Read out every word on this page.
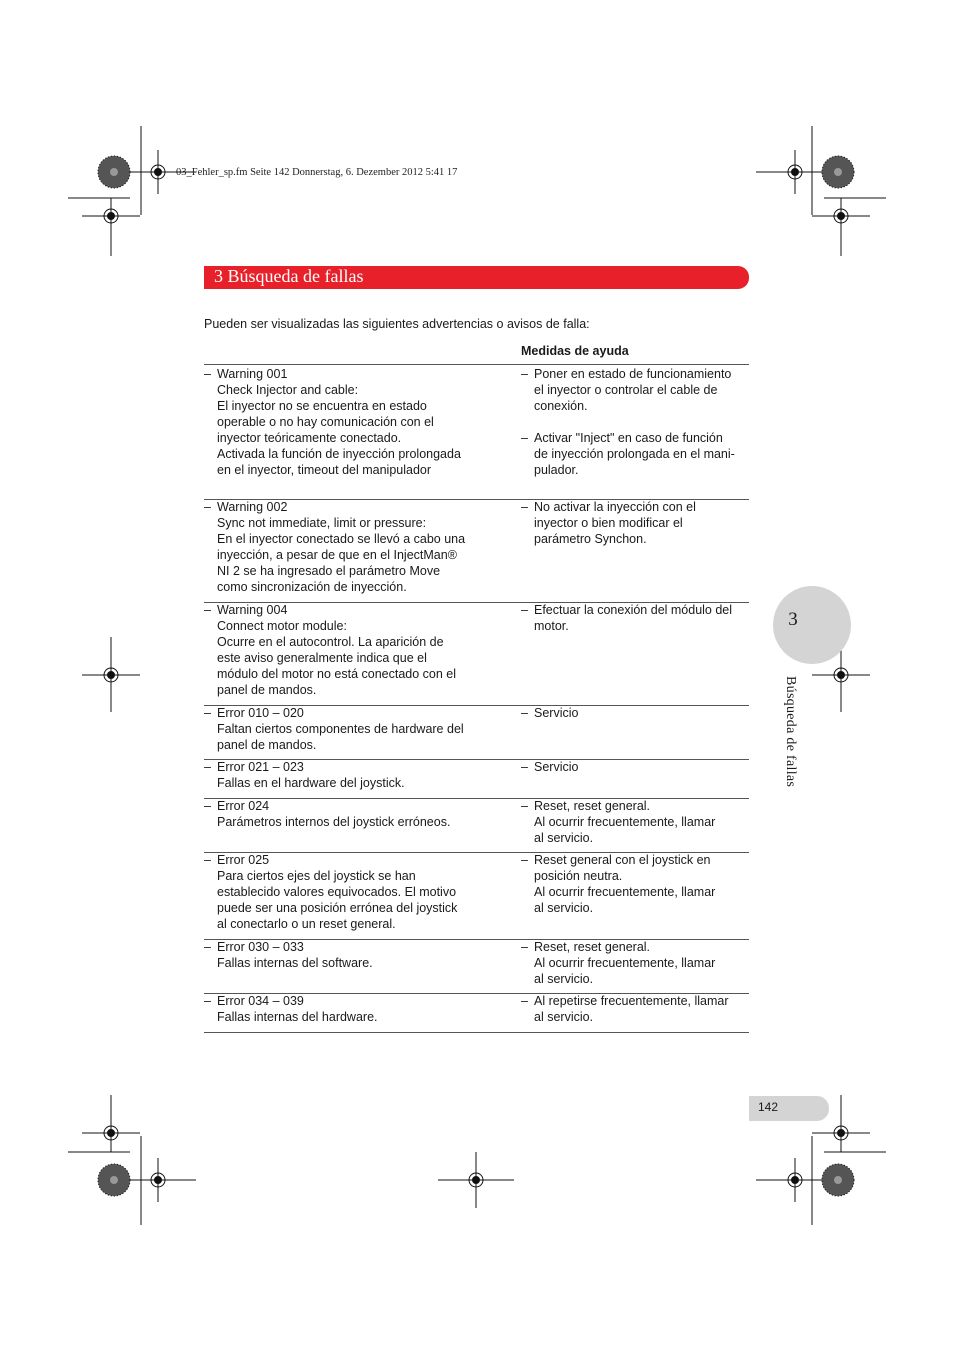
03_Fehler_sp.fm Seite 142 Donnerstag, 6. Dezember 2012 5:41 17
3 Búsqueda de fallas
Pueden ser visualizadas las siguientes advertencias o avisos de falla:
Medidas de ayuda
– Warning 001
Check Injector and cable:
El inyector no se encuentra en estado
operable o no hay comunicación con el
inyector teóricamente conectado.
Activada la función de inyección prolongada
en el inyector, timeout del manipulador
– Poner en estado de funcionamiento
el inyector o controlar el cable de
conexión.
– Activar "Inject" en caso de función
de inyección prolongada en el mani-
pulador.
– Warning 002
Sync not immediate, limit or pressure:
En el inyector conectado se llevó a cabo una
inyección, a pesar de que en el InjectMan®
NI 2 se ha ingresado el parámetro Move
como sincronización de inyección.
– No activar la inyección con el
inyector o bien modificar el
parámetro Synchon.
– Warning 004
Connect motor module:
Ocurre en el autocontrol. La aparición de
este aviso generalmente indica que el
módulo del motor no está conectado con el
panel de mandos.
– Efectuar la conexión del módulo del
motor.
– Error 010 – 020
Faltan ciertos componentes de hardware del
panel de mandos.
– Servicio
– Error 021 – 023
Fallas en el hardware del joystick.
– Servicio
– Error 024
Parámetros internos del joystick erróneos.
– Reset, reset general.
Al ocurrir frecuentemente, llamar
al servicio.
– Error 025
Para ciertos ejes del joystick se han
establecido valores equivocados. El motivo
puede ser una posición errónea del joystick
al conectarlo o un reset general.
– Reset general con el joystick en
posición neutra.
Al ocurrir frecuentemente, llamar
al servicio.
– Error 030 – 033
Fallas internas del software.
– Reset, reset general.
Al ocurrir frecuentemente, llamar
al servicio.
– Error 034 – 039
Fallas internas del hardware.
– Al repetirse frecuentemente, llamar
al servicio.
3
Búsqueda de fallas
142
